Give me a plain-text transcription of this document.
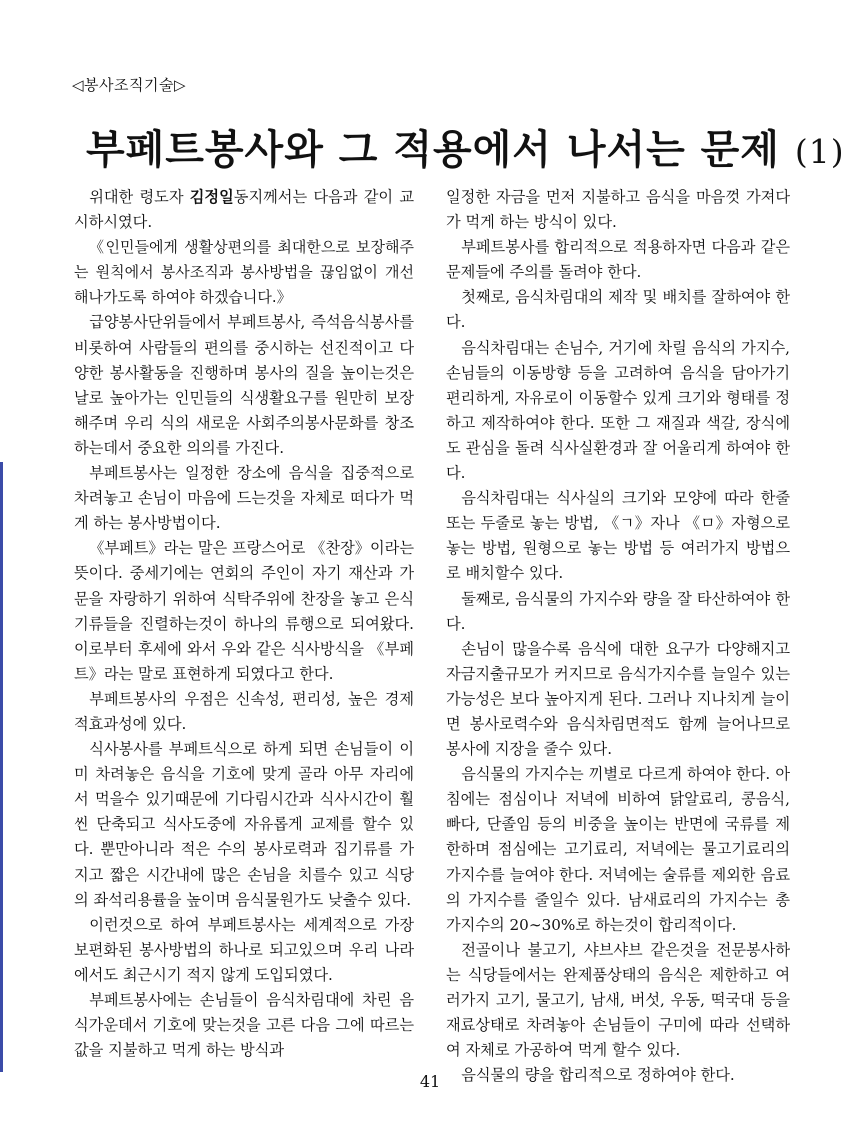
◁봉사조직기술▷
부페트봉사와 그 적용에서 나서는 문제 (1)

위대한 령도자 김정일동지께서는 다음과 같이 교시하시였다.

《인민들에게 생활상편의를 최대한으로 보장해주는 원칙에서 봉사조직과 봉사방법을 끊임없이 개선해나가도록 하여야 하겠습니다.》

급양봉사단위들에서 부페트봉사, 즉석음식봉사를 비롯하여 사람들의 편의를 중시하는 선진적이고 다양한 봉사활동을 진행하며 봉사의 질을 높이는것은 날로 높아가는 인민들의 식생활요구를 원만히 보장해주며 우리 식의 새로운 사회주의봉사문화를 창조하는데서 중요한 의의를 가진다.

부페트봉사는 일정한 장소에 음식을 집중적으로 차려놓고 손님이 마음에 드는것을 자체로 떠다가 먹게 하는 봉사방법이다.

《부페트》라는 말은 프랑스어로 《찬장》이라는 뜻이다. 중세기에는 연회의 주인이 자기 재산과 가문을 자랑하기 위하여 식탁주위에 찬장을 놓고 은식기류들을 진렬하는것이 하나의 류행으로 되여왔다. 이로부터 후세에 와서 우와 같은 식사방식을 《부페트》라는 말로 표현하게 되였다고 한다.

부페트봉사의 우점은 신속성, 편리성, 높은 경제적효과성에 있다.

식사봉사를 부페트식으로 하게 되면 손님들이 이미 차려놓은 음식을 기호에 맞게 골라 아무 자리에서 먹을수 있기때문에 기다림시간과 식사시간이 훨씬 단축되고 식사도중에 자유롭게 교제를 할수 있다. 뿐만아니라 적은 수의 봉사로력과 집기류를 가지고 짧은 시간내에 많은 손님을 치를수 있고 식당의 좌석리용률을 높이며 음식물원가도 낮출수 있다.

이런것으로 하여 부페트봉사는 세계적으로 가장 보편화된 봉사방법의 하나로 되고있으며 우리 나라에서도 최근시기 적지 않게 도입되였다.

부페트봉사에는 손님들이 음식차림대에 차린 음식가운데서 기호에 맞는것을 고른 다음 그에 따르는 값을 지불하고 먹게 하는 방식과

일정한 자금을 먼저 지불하고 음식을 마음껏 가져다가 먹게 하는 방식이 있다.

부페트봉사를 합리적으로 적용하자면 다음과 같은 문제들에 주의를 돌려야 한다.

첫째로, 음식차림대의 제작 및 배치를 잘하여야 한다.

음식차림대는 손님수, 거기에 차릴 음식의 가지수, 손님들의 이동방향 등을 고려하여 음식을 담아가기 편리하게, 자유로이 이동할수 있게 크기와 형태를 정하고 제작하여야 한다. 또한 그 재질과 색갈, 장식에도 관심을 돌려 식사실환경과 잘 어울리게 하여야 한다.

음식차림대는 식사실의 크기와 모양에 따라 한줄 또는 두줄로 놓는 방법, 《ㄱ》자나 《ㅁ》자형으로 놓는 방법, 원형으로 놓는 방법 등 여러가지 방법으로 배치할수 있다.

둘째로, 음식물의 가지수와 량을 잘 타산하여야 한다.

손님이 많을수록 음식에 대한 요구가 다양해지고 자금지출규모가 커지므로 음식가지수를 늘일수 있는 가능성은 보다 높아지게 된다. 그러나 지나치게 늘이면 봉사로력수와 음식차림면적도 함께 늘어나므로 봉사에 지장을 줄수 있다.

음식물의 가지수는 끼별로 다르게 하여야 한다. 아침에는 점심이나 저녁에 비하여 닭알료리, 콩음식, 빠다, 단졸임 등의 비중을 높이는 반면에 국류를 제한하며 점심에는 고기료리, 저녁에는 물고기료리의 가지수를 늘여야 한다. 저녁에는 술류를 제외한 음료의 가지수를 줄일수 있다. 남새료리의 가지수는 총 가지수의 20∼30%로 하는것이 합리적이다.

전골이나 불고기, 샤브샤브 같은것을 전문봉사하는 식당들에서는 완제품상태의 음식은 제한하고 여러가지 고기, 물고기, 남새, 버섯, 우동, 떡국대 등을 재료상태로 차려놓아 손님들이 구미에 따라 선택하여 자체로 가공하여 먹게 할수 있다.

음식물의 량을 합리적으로 정하여야 한다.

41
